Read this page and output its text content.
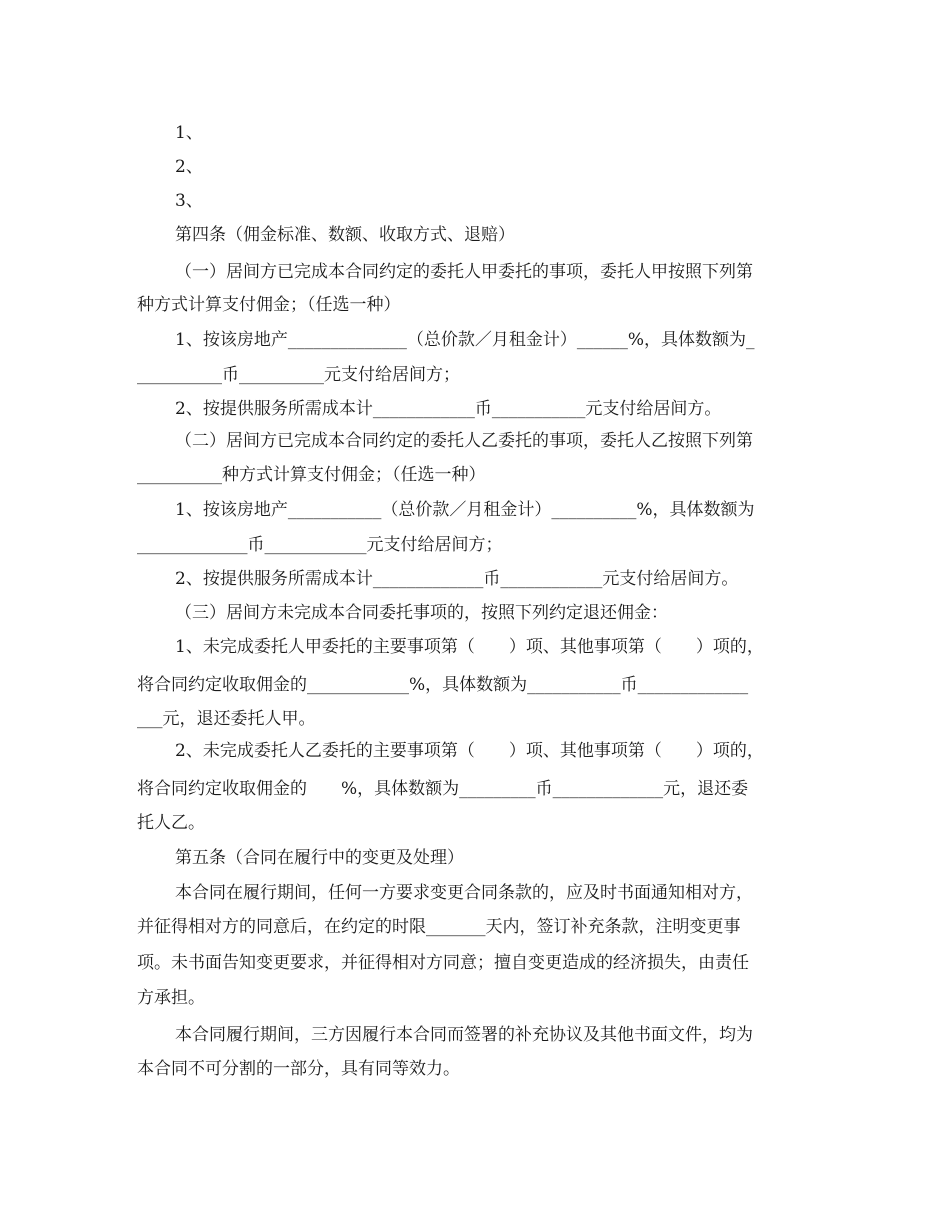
1、

2、

3、

第四条（佣金标准、数额、收取方式、退赔）

（一）居间方已完成本合同约定的委托人甲委托的事项，委托人甲按照下列第

种方式计算支付佣金；（任选一种）

1、按该房地产______________（总价款／月租金计）______%，具体数额为_

__________币__________元支付给居间方；

2、按提供服务所需成本计____________币___________元支付给居间方。

（二）居间方已完成本合同约定的委托人乙委托的事项，委托人乙按照下列第

__________种方式计算支付佣金；（任选一种）

1、按该房地产___________（总价款／月租金计）__________%，具体数额为

_____________币____________元支付给居间方；

2、按提供服务所需成本计_____________币____________元支付给居间方。

（三）居间方未完成本合同委托事项的，按照下列约定退还佣金：

1、未完成委托人甲委托的主要事项第（　　）项、其他事项第（　　）项的，

将合同约定收取佣金的____________%，具体数额为___________币_____________

___元，退还委托人甲。

2、未完成委托人乙委托的主要事项第（　　）项、其他事项第（　　）项的，

将合同约定收取佣金的　　%，具体数额为_________币_____________元，退还委

托人乙。

第五条（合同在履行中的变更及处理）

本合同在履行期间，任何一方要求变更合同条款的，应及时书面通知相对方，

并征得相对方的同意后，在约定的时限_______天内，签订补充条款，注明变更事

项。未书面告知变更要求，并征得相对方同意；擅自变更造成的经济损失，由责任

方承担。

本合同履行期间，三方因履行本合同而签署的补充协议及其他书面文件，均为

本合同不可分割的一部分，具有同等效力。
